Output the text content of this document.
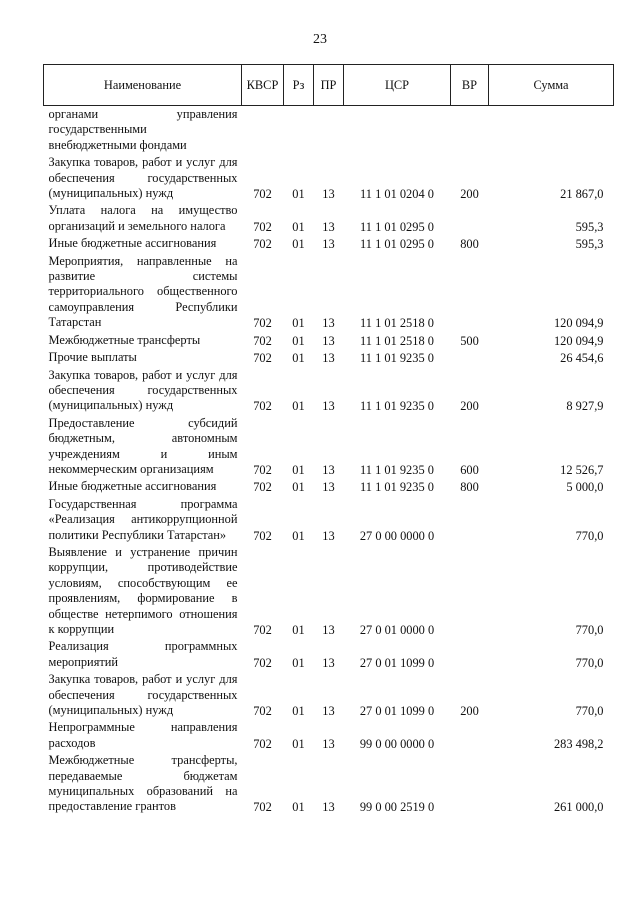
23
Наименование	КВСР	Рз	ПР	ЦСР	ВР	Сумма
органами управления государственными внебюджетными фондами						
Закупка товаров, работ и услуг для обеспечения государственных (муниципальных) нужд	702	01	13	11 1 01 0204 0	200	21 867,0
Уплата налога на имущество организаций и земельного налога	702	01	13	11 1 01 0295 0		595,3
Иные бюджетные ассигнования	702	01	13	11 1 01 0295 0	800	595,3
Мероприятия, направленные на развитие системы территориального общественного самоуправления Республики Татарстан	702	01	13	11 1 01 2518 0		120 094,9
Межбюджетные трансферты	702	01	13	11 1 01 2518 0	500	120 094,9
Прочие выплаты	702	01	13	11 1 01 9235 0		26 454,6
Закупка товаров, работ и услуг для обеспечения государственных (муниципальных) нужд	702	01	13	11 1 01 9235 0	200	8 927,9
Предоставление субсидий бюджетным, автономным учреждениям и иным некоммерческим организациям	702	01	13	11 1 01 9235 0	600	12 526,7
Иные бюджетные ассигнования	702	01	13	11 1 01 9235 0	800	5 000,0
Государственная программа «Реализация антикоррупционной политики Республики Татарстан»	702	01	13	27 0 00 0000 0		770,0
Выявление и устранение причин коррупции, противодействие условиям, способствующим ее проявлениям, формирование в обществе нетерпимого отношения к коррупции	702	01	13	27 0 01 0000 0		770,0
Реализация программных мероприятий	702	01	13	27 0 01 1099 0		770,0
Закупка товаров, работ и услуг для обеспечения государственных (муниципальных) нужд	702	01	13	27 0 01 1099 0	200	770,0
Непрограммные направления расходов	702	01	13	99 0 00 0000 0		283 498,2
Межбюджетные трансферты, передаваемые бюджетам муниципальных образований на предоставление грантов	702	01	13	99 0 00 2519 0		261 000,0
